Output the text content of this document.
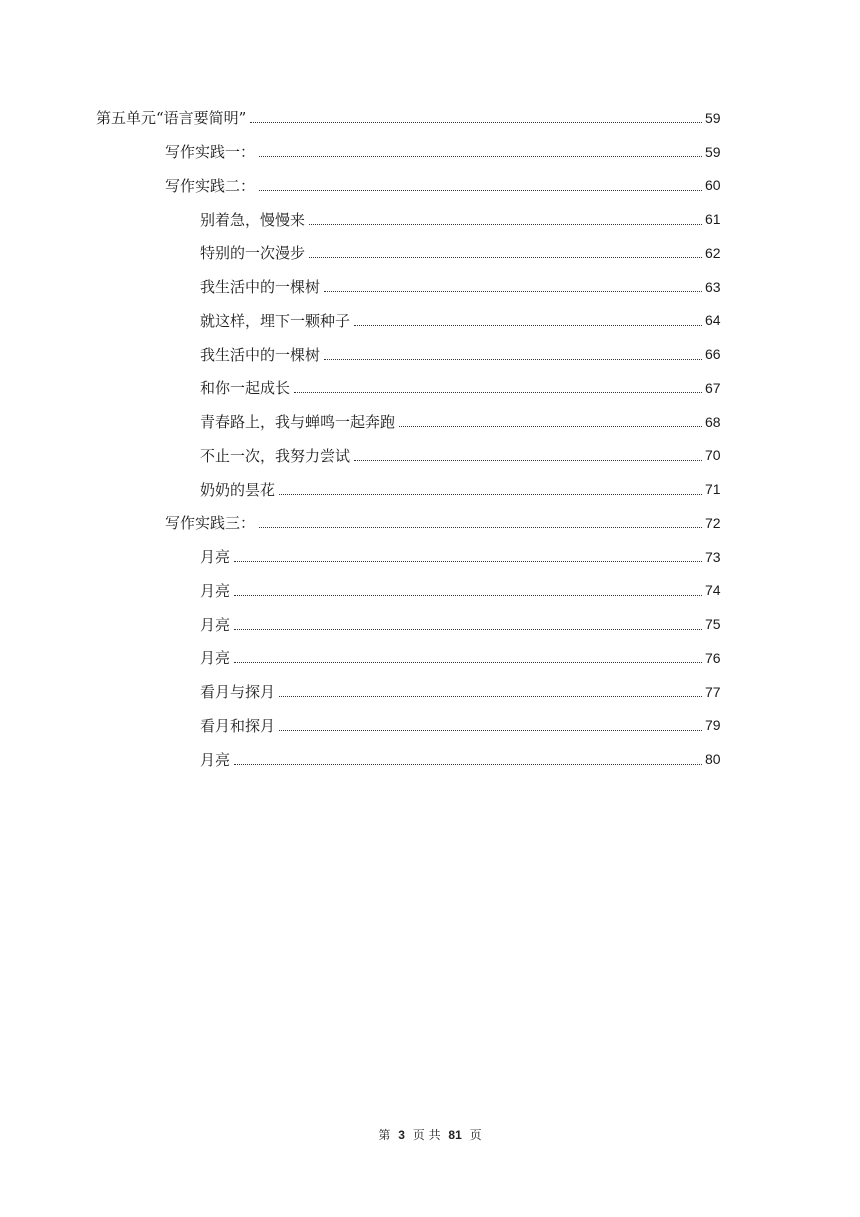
第五单元“语言要简明”	59
写作实践一：	59
写作实践二：	60
别着急，慢慢来	61
特别的一次漫步	62
我生活中的一棵树	63
就这样，埋下一颗种子	64
我生活中的一棵树	66
和你一起成长	67
青春路上，我与蝉鸣一起奔跑	68
不止一次，我努力尝试	70
奶奶的昙花	71
写作实践三：	72
月亮	73
月亮	74
月亮	75
月亮	76
看月与探月	77
看月和探月	79
月亮	80
第 3 页 共 81 页
